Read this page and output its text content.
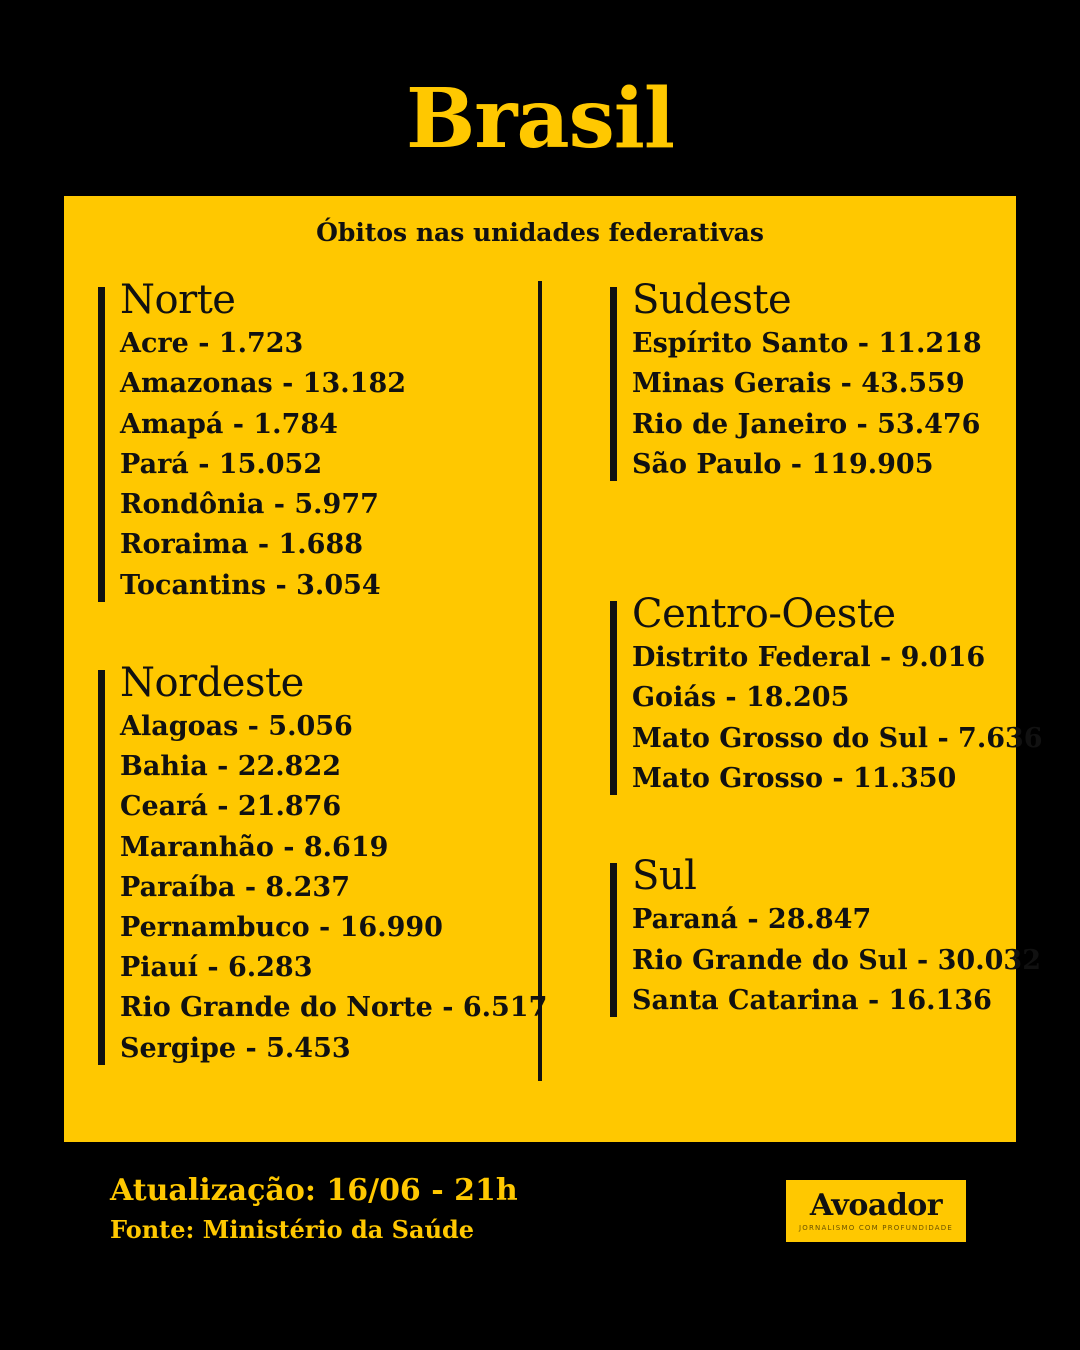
Brasil
Óbitos nas unidades federativas
Norte
Acre - 1.723
Amazonas - 13.182
Amapá - 1.784
Pará - 15.052
Rondônia - 5.977
Roraima - 1.688
Tocantins - 3.054
Nordeste
Alagoas - 5.056
Bahia - 22.822
Ceará - 21.876
Maranhão - 8.619
Paraíba - 8.237
Pernambuco - 16.990
Piauí - 6.283
Rio Grande do Norte - 6.517
Sergipe - 5.453
Sudeste
Espírito Santo - 11.218
Minas Gerais - 43.559
Rio de Janeiro - 53.476
São Paulo - 119.905
Centro-Oeste
Distrito Federal - 9.016
Goiás - 18.205
Mato Grosso do Sul - 7.636
Mato Grosso - 11.350
Sul
Paraná - 28.847
Rio Grande do Sul - 30.032
Santa Catarina - 16.136
Atualização: 16/06 - 21h
Fonte: Ministério da Saúde
Avoador
JORNALISMO COM PROFUNDIDADE
